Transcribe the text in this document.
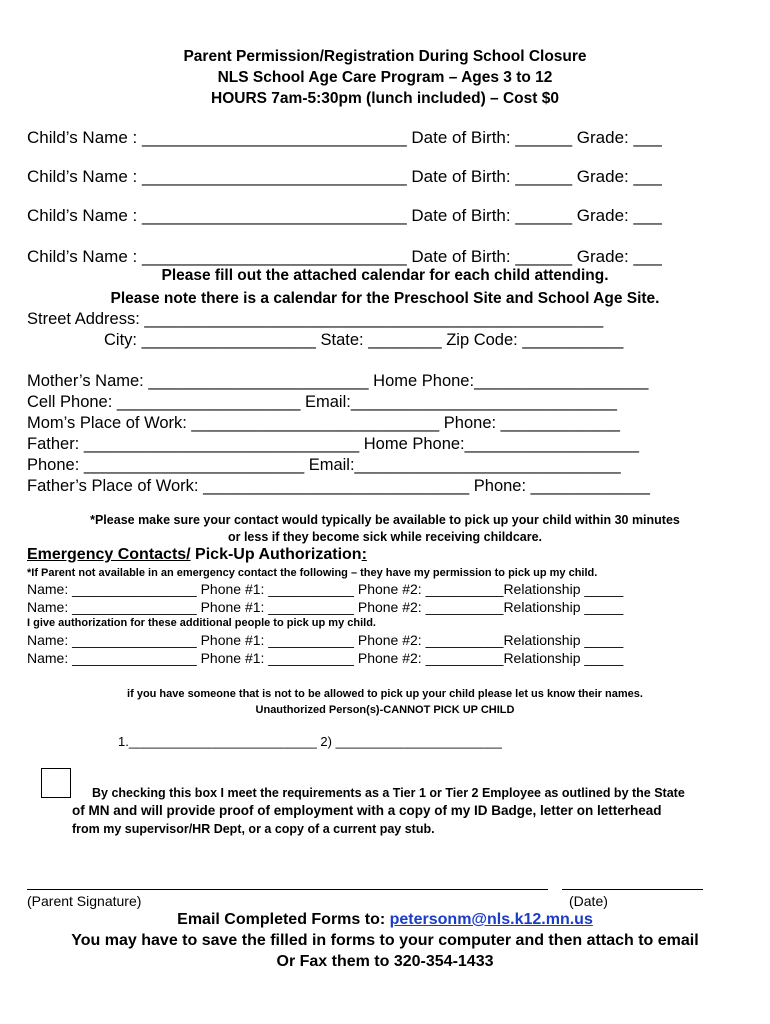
Parent Permission/Registration During School Closure
NLS School Age Care Program – Ages 3 to 12
HOURS 7am-5:30pm (lunch included) – Cost $0
Child’s Name : ____________________________ Date of Birth: ______ Grade: ___
Child’s Name : ____________________________ Date of Birth: ______ Grade: ___
Child’s Name : ____________________________ Date of Birth: ______ Grade: ___
Child’s Name : ____________________________ Date of Birth: ______ Grade: ___
Please fill out the attached calendar for each child attending.
Please note there is a calendar for the Preschool Site and School Age Site.
Street Address: __________________________________________________
City: ___________________ State: ________ Zip Code: ___________
Mother’s Name: ________________________ Home Phone:___________________
Cell Phone: ____________________ Email:_____________________________
Mom’s Place of Work: ___________________________ Phone: _____________
Father: ______________________________ Home Phone:___________________
Phone: ________________________ Email:_____________________________
Father’s Place of Work: _____________________________ Phone: _____________
*Please make sure your contact would typically be available to pick up your child within 30 minutes
or less if they become sick while receiving childcare.
Emergency Contacts/ Pick-Up Authorization:
*If Parent not available in an emergency contact the following – they have my permission to pick up my child.
Name: ________________ Phone #1: ___________ Phone #2: __________Relationship _____
Name: ________________ Phone #1: ___________ Phone #2: __________Relationship _____
I give authorization for these additional people to pick up my child.
Name: ________________ Phone #1: ___________ Phone #2: __________Relationship _____
Name: ________________ Phone #1: ___________ Phone #2: __________Relationship _____
if you have someone that is not to be allowed to pick up your child please let us know their names.
Unauthorized Person(s)-CANNOT PICK UP CHILD
1.__________________________ 2) _______________________
By checking this box I meet the requirements as a Tier 1 or Tier 2 Employee as outlined by the State
of MN and will provide proof of employment with a copy of my ID Badge, letter on letterhead
from my supervisor/HR Dept, or a copy of a current pay stub.
(Parent Signature)	(Date)
Email Completed Forms to: petersonm@nls.k12.mn.us
You may have to save the filled in forms to your computer and then attach to email
Or Fax them to 320-354-1433
